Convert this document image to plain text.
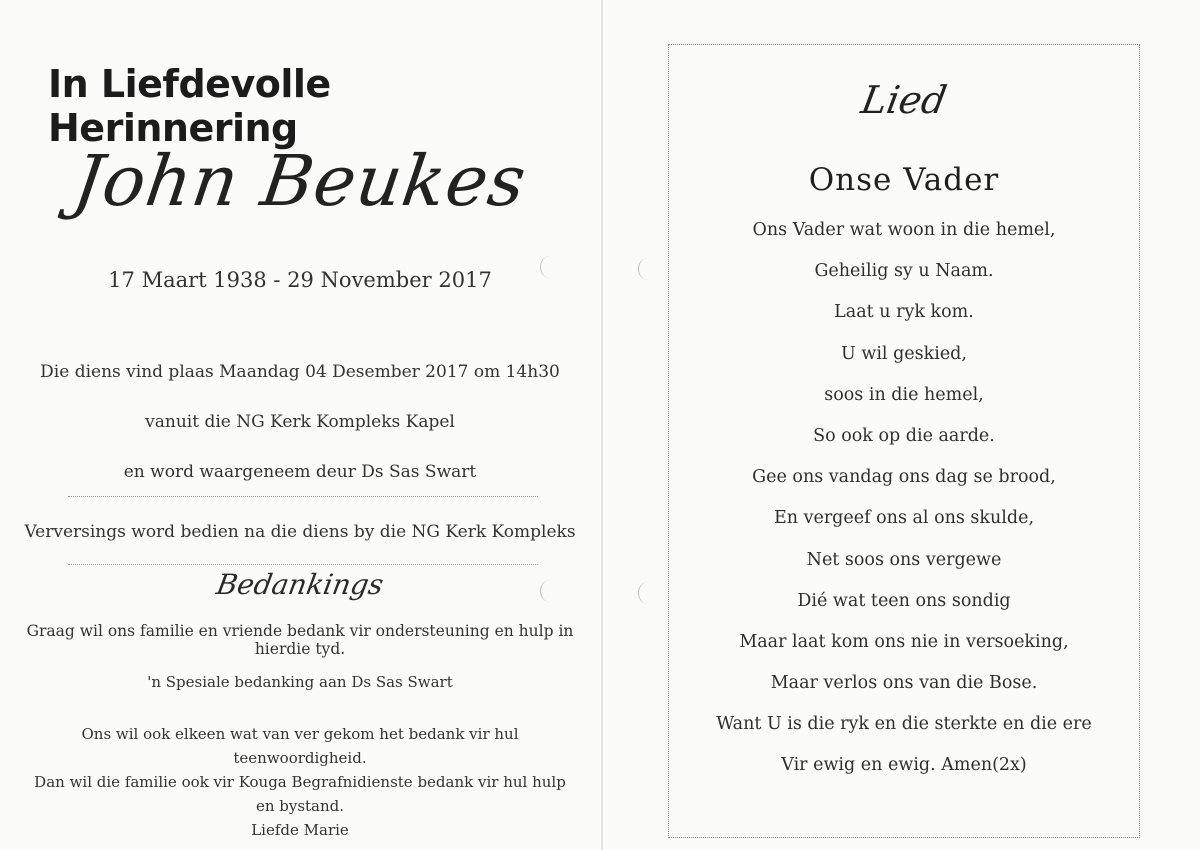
In Liefdevolle Herinnering
John Beukes
17 Maart 1938 - 29 November 2017

Die diens vind plaas Maandag 04 Desember 2017 om 14h30

vanuit die NG Kerk Kompleks Kapel

en word waargeneem deur Ds Sas Swart

Verversings word bedien na die diens by die NG Kerk Kompleks

Bedankings
Graag wil ons familie en vriende bedank vir ondersteuning en hulp in hierdie tyd.
'n Spesiale bedanking aan Ds Sas Swart
Ons wil ook elkeen wat van ver gekom het bedank vir hul teenwoordigheid.
Dan wil die familie ook vir Kouga Begrafnidienste bedank vir hul hulp en bystand.
Liefde Marie
Lied
Onse Vader
Ons Vader wat woon in die hemel,
Geheilig sy u Naam.
Laat u ryk kom.
U wil geskied,
soos in die hemel,
So ook op die aarde.
Gee ons vandag ons dag se brood,
En vergeef ons al ons skulde,
Net soos ons vergewe
Dié wat teen ons sondig
Maar laat kom ons nie in versoeking,
Maar verlos ons van die Bose.
Want U is die ryk en die sterkte en die ere
Vir ewig en ewig. Amen(2x)
